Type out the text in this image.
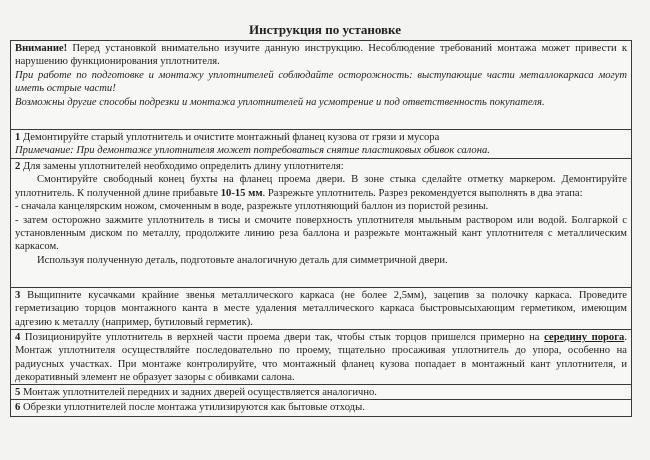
Инструкция по установке

Внимание! Перед установкой внимательно изучите данную инструкцию. Несоблюдение требований монтажа может привести к нарушению функционирования уплотнителя.

При работе по подготовке и монтажу уплотнителей соблюдайте осторожность: выступающие части металлокаркаса могут иметь острые части!

Возможны другие способы подрезки и монтажа уплотнителей на усмотрение и под ответственность покупателя.

1 Демонтируйте старый уплотнитель и очистите монтажный фланец кузова от грязи и мусора

Примечание: При демонтаже уплотнителя может потребоваться снятие пластиковых обивок салона.

2 Для замены уплотнителей необходимо определить длину уплотнителя:

Смонтируйте свободный конец бухты на фланец проема двери. В зоне стыка сделайте отметку маркером. Демонтируйте уплотнитель. К полученной длине прибавьте 10-15 мм. Разрежьте уплотнитель. Разрез рекомендуется выполнять в два этапа:

- сначала канцелярским ножом, смоченным в воде, разрежьте уплотняющий баллон из пористой резины.

- затем осторожно зажмите уплотнитель в тисы и смочите поверхность уплотнителя мыльным раствором или водой. Болгаркой с установленным диском по металлу, продолжите линию реза баллона и разрежьте монтажный кант уплотнителя с металлическим каркасом.

Используя полученную деталь, подготовьте аналогичную деталь для симметричной двери.

3 Выщипните кусачками крайние звенья металлического каркаса (не более 2,5мм), зацепив за полочку каркаса. Проведите герметизацию торцов монтажного канта в месте удаления металлического каркаса быстровысыхающим герметиком, имеющим адгезию к металлу (например, бутиловый герметик).

4 Позиционируйте уплотнитель в верхней части проема двери так, чтобы стык торцов пришелся примерно на середину порога. Монтаж уплотнителя осуществляйте последовательно по проему, тщательно просаживая уплотнитель до упора, особенно на радиусных участках. При монтаже контролируйте, что монтажный фланец кузова попадает в монтажный кант уплотнителя, и декоративный элемент не образует зазоры с обивками салона.

5 Монтаж уплотнителей передних и задних дверей осуществляется аналогично.

6 Обрезки уплотнителей после монтажа утилизируются как бытовые отходы.
